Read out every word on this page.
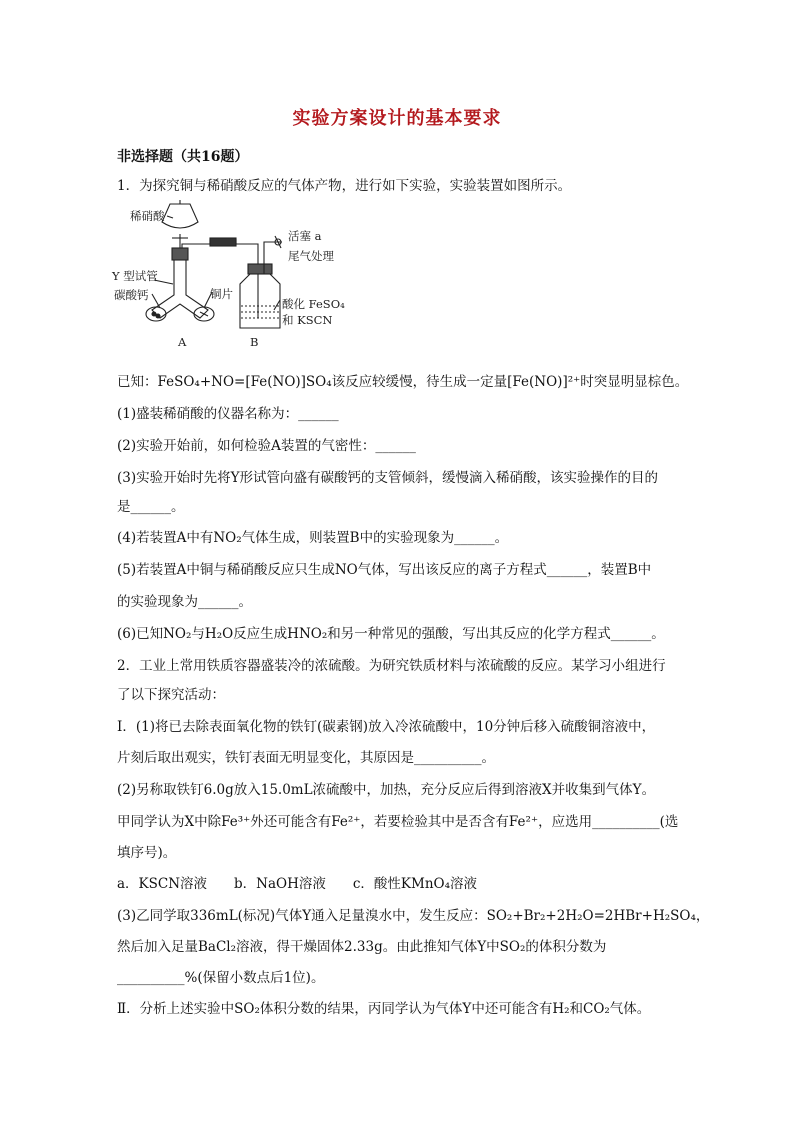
实验方案设计的基本要求
非选择题（共16题）
1．为探究铜与稀硝酸反应的气体产物，进行如下实验，实验装置如图所示。
稀硝酸
活塞 a
尾气处理
Y 型试管
碳酸钙	铜片
酸化 FeSO₄
和 KSCN
A	B
已知：FeSO₄+NO=[Fe(NO)]SO₄该反应较缓慢，待生成一定量[Fe(NO)]²⁺时突显明显棕色。
(1)盛装稀硝酸的仪器名称为：______
(2)实验开始前，如何检验A装置的气密性：______
(3)实验开始时先将Y形试管向盛有碳酸钙的支管倾斜，缓慢滴入稀硝酸，该实验操作的目的
是______。
(4)若装置A中有NO₂气体生成，则装置B中的实验现象为______。
(5)若装置A中铜与稀硝酸反应只生成NO气体，写出该反应的离子方程式______，装置B中
的实验现象为______。
(6)已知NO₂与H₂O反应生成HNO₂和另一种常见的强酸，写出其反应的化学方程式______。
2．工业上常用铁质容器盛装冷的浓硫酸。为研究铁质材料与浓硫酸的反应。某学习小组进行
了以下探究活动：
Ⅰ．(1)将已去除表面氧化物的铁钉(碳素钢)放入冷浓硫酸中，10分钟后移入硫酸铜溶液中，
片刻后取出观实，铁钉表面无明显变化，其原因是__________。
(2)另称取铁钉6.0g放入15.0mL浓硫酸中，加热，充分反应后得到溶液X并收集到气体Y。
甲同学认为X中除Fe³⁺外还可能含有Fe²⁺，若要检验其中是否含有Fe²⁺，应选用__________(选
填序号)。
a．KSCN溶液　　b．NaOH溶液　　c．酸性KMnO₄溶液
(3)乙同学取336mL(标况)气体Y通入足量溴水中，发生反应：SO₂+Br₂+2H₂O=2HBr+H₂SO₄，
然后加入足量BaCl₂溶液，得干燥固体2.33g。由此推知气体Y中SO₂的体积分数为
__________%(保留小数点后1位)。
Ⅱ．分析上述实验中SO₂体积分数的结果，丙同学认为气体Y中还可能含有H₂和CO₂气体。
